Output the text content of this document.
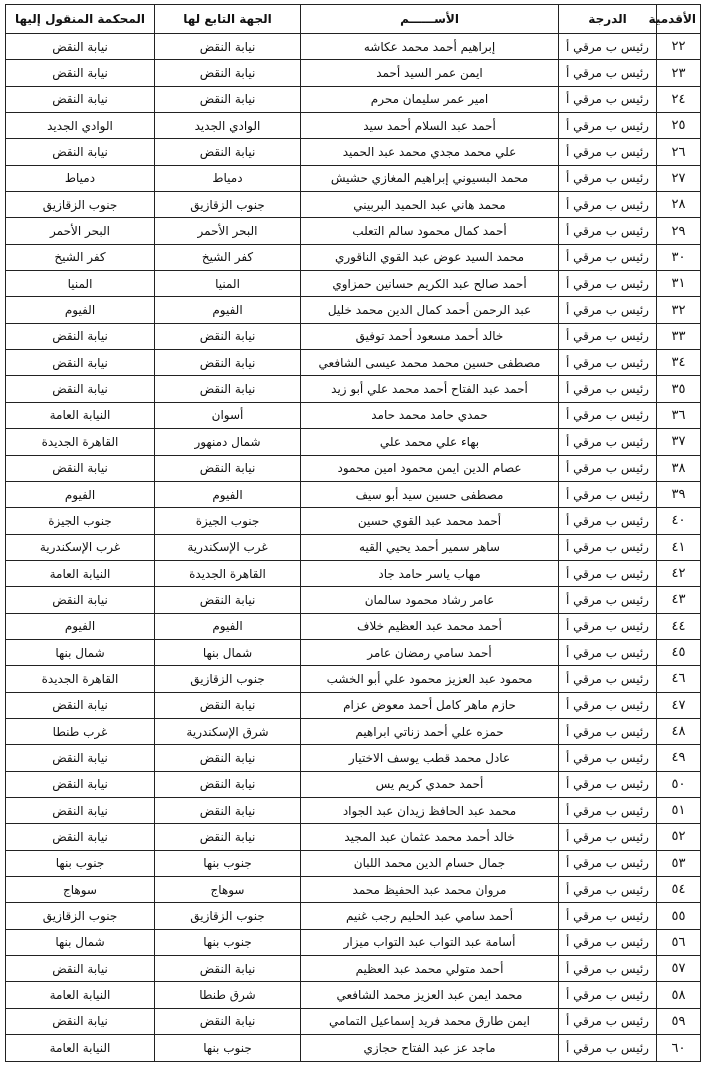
الأقدمية	الدرجة	الأســــــم	الجهة التابع لها	المحكمة المنقول إليها
٢٢	رئيس ب مرقي أ	إبراهيم أحمد محمد عكاشه	نيابة النقض	نيابة النقض
٢٣	رئيس ب مرقي أ	ايمن عمر السيد أحمد	نيابة النقض	نيابة النقض
٢٤	رئيس ب مرقي أ	امير عمر سليمان محرم	نيابة النقض	نيابة النقض
٢٥	رئيس ب مرقي أ	أحمد عبد السلام أحمد سيد	الوادي الجديد	الوادي الجديد
٢٦	رئيس ب مرقي أ	علي محمد مجدي محمد عبد الحميد	نيابة النقض	نيابة النقض
٢٧	رئيس ب مرقي أ	محمد البسيوني إبراهيم المغازي حشيش	دمياط	دمياط
٢٨	رئيس ب مرقي أ	محمد هاني عبد الحميد البربيني	جنوب الزقازيق	جنوب الزقازيق
٢٩	رئيس ب مرقي أ	أحمد كمال محمود سالم التعلب	البحر الأحمر	البحر الأحمر
٣٠	رئيس ب مرقي أ	محمد السيد عوض عبد القوي الناقوري	كفر الشيخ	كفر الشيخ
٣١	رئيس ب مرقي أ	أحمد صالح عبد الكريم حسانين حمزاوي	المنيا	المنيا
٣٢	رئيس ب مرقي أ	عبد الرحمن أحمد كمال الدين محمد خليل	الفيوم	الفيوم
٣٣	رئيس ب مرقي أ	خالد أحمد مسعود أحمد توفيق	نيابة النقض	نيابة النقض
٣٤	رئيس ب مرقي أ	مصطفى حسين محمد محمد عيسى الشافعي	نيابة النقض	نيابة النقض
٣٥	رئيس ب مرقي أ	أحمد عبد الفتاح أحمد محمد علي أبو زيد	نيابة النقض	نيابة النقض
٣٦	رئيس ب مرقي أ	حمدي حامد محمد حامد	أسوان	النيابة العامة
٣٧	رئيس ب مرقي أ	بهاء علي محمد علي	شمال دمنهور	القاهرة الجديدة
٣٨	رئيس ب مرقي أ	عصام الدين ايمن محمود امين محمود	نيابة النقض	نيابة النقض
٣٩	رئيس ب مرقي أ	مصطفى حسين سيد أبو سيف	الفيوم	الفيوم
٤٠	رئيس ب مرقي أ	أحمد محمد عبد القوي حسين	جنوب الجيزة	جنوب الجيزة
٤١	رئيس ب مرقي أ	ساهر سمير أحمد يحيي القيه	غرب الإسكندرية	غرب الإسكندرية
٤٢	رئيس ب مرقي أ	مهاب ياسر حامد جاد	القاهرة الجديدة	النيابة العامة
٤٣	رئيس ب مرقي أ	عامر رشاد محمود سالمان	نيابة النقض	نيابة النقض
٤٤	رئيس ب مرقي أ	أحمد محمد عبد العظيم خلاف	الفيوم	الفيوم
٤٥	رئيس ب مرقي أ	أحمد سامي رمضان عامر	شمال بنها	شمال بنها
٤٦	رئيس ب مرقي أ	محمود عبد العزيز محمود علي أبو الخشب	جنوب الزقازيق	القاهرة الجديدة
٤٧	رئيس ب مرقي أ	حازم ماهر كامل أحمد معوض عزام	نيابة النقض	نيابة النقض
٤٨	رئيس ب مرقي أ	حمزه علي أحمد زناتي ابراهيم	شرق الإسكندرية	غرب طنطا
٤٩	رئيس ب مرقي أ	عادل محمد قطب يوسف الاختيار	نيابة النقض	نيابة النقض
٥٠	رئيس ب مرقي أ	أحمد حمدي كريم يس	نيابة النقض	نيابة النقض
٥١	رئيس ب مرقي أ	محمد عبد الحافظ زيدان عبد الجواد	نيابة النقض	نيابة النقض
٥٢	رئيس ب مرقي أ	خالد أحمد محمد عثمان عبد المجيد	نيابة النقض	نيابة النقض
٥٣	رئيس ب مرقي أ	جمال حسام الدين محمد اللبان	جنوب بنها	جنوب بنها
٥٤	رئيس ب مرقي أ	مروان محمد عبد الحفيظ محمد	سوهاج	سوهاج
٥٥	رئيس ب مرقي أ	أحمد سامي عبد الحليم رجب غنيم	جنوب الزقازيق	جنوب الزقازيق
٥٦	رئيس ب مرقي أ	أسامة عبد التواب عبد التواب ميزار	جنوب بنها	شمال بنها
٥٧	رئيس ب مرقي أ	أحمد متولي محمد عبد العظيم	نيابة النقض	نيابة النقض
٥٨	رئيس ب مرقي أ	محمد ايمن عبد العزيز محمد الشافعي	شرق طنطا	النيابة العامة
٥٩	رئيس ب مرقي أ	ايمن طارق محمد فريد إسماعيل التمامي	نيابة النقض	نيابة النقض
٦٠	رئيس ب مرقي أ	ماجد عز عبد الفتاح حجازي	جنوب بنها	النيابة العامة
